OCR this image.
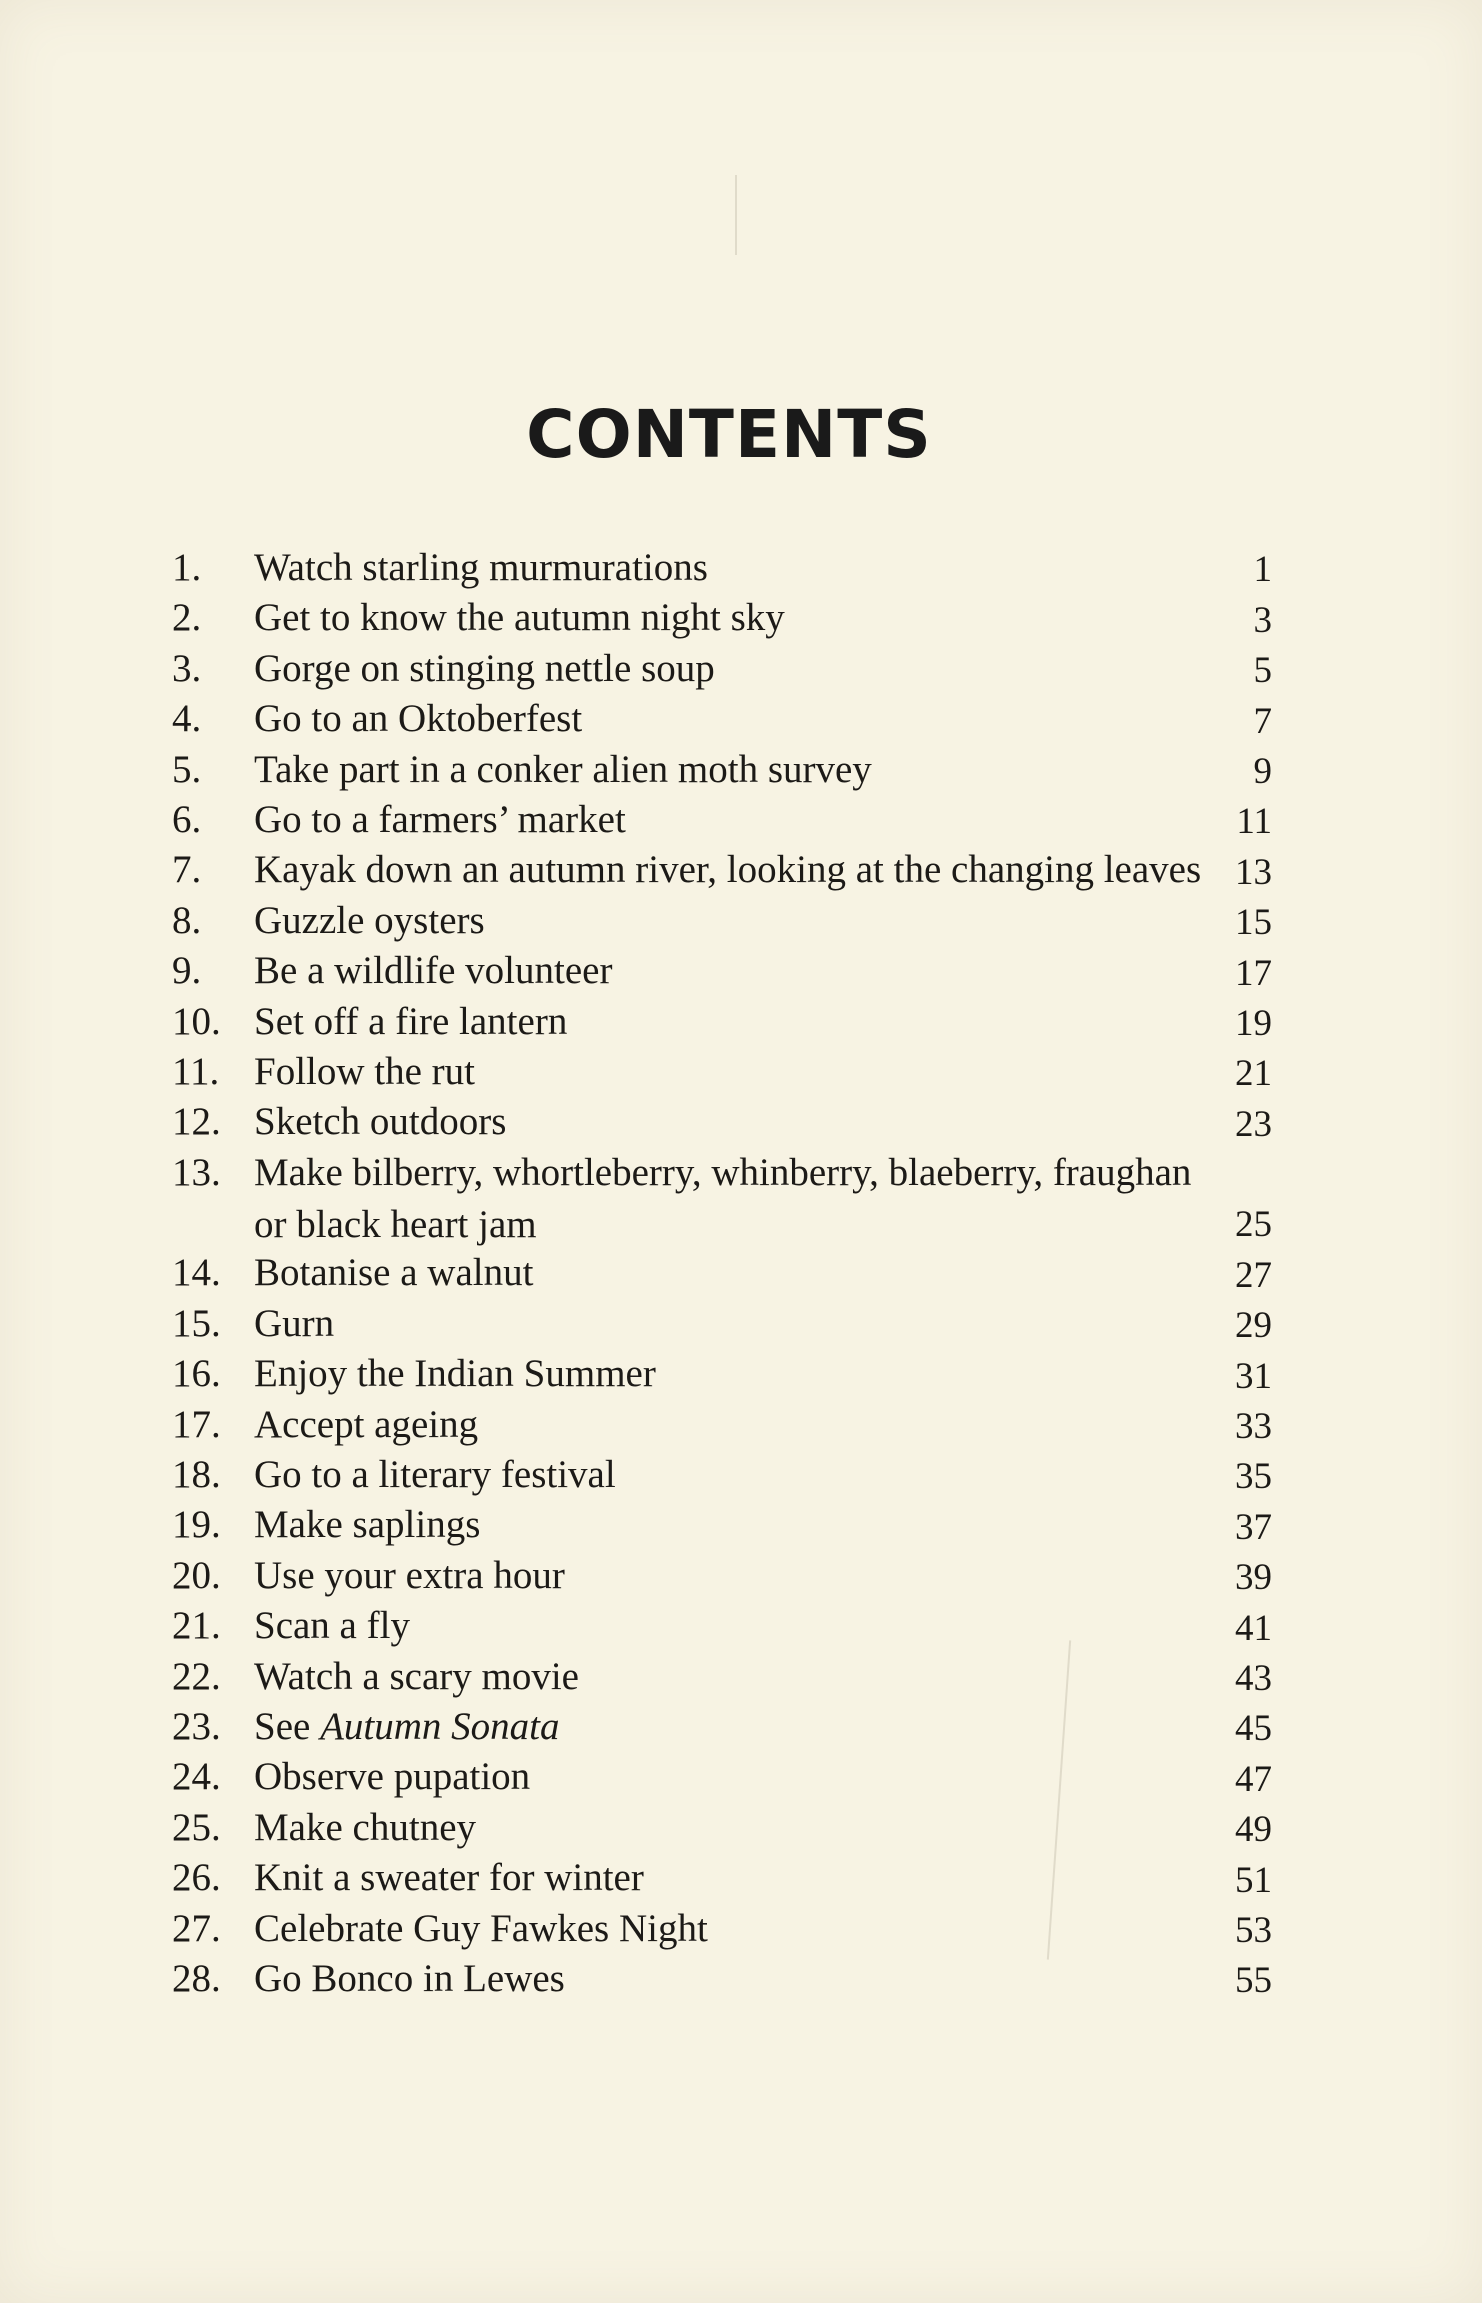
CONTENTS
1. Watch starling murmurations	1
2. Get to know the autumn night sky	3
3. Gorge on stinging nettle soup	5
4. Go to an Oktoberfest	7
5. Take part in a conker alien moth survey	9
6. Go to a farmers’ market	11
7. Kayak down an autumn river, looking at the changing leaves 13
8. Guzzle oysters	15
9. Be a wildlife volunteer	17
10. Set off a fire lantern	19
11. Follow the rut	21
12. Sketch outdoors	23
13. Make bilberry, whortleberry, whinberry, blaeberry, fraughan
or black heart jam	25
14. Botanise a walnut	27
15. Gurn	29
16. Enjoy the Indian Summer	31
17. Accept ageing	33
18. Go to a literary festival	35
19. Make saplings	37
20. Use your extra hour	39
21. Scan a fly	41
22. Watch a scary movie	43
23. See Autumn Sonata	45
24. Observe pupation	47
25. Make chutney	49
26. Knit a sweater for winter	51
27. Celebrate Guy Fawkes Night	53
28. Go Bonco in Lewes	55
